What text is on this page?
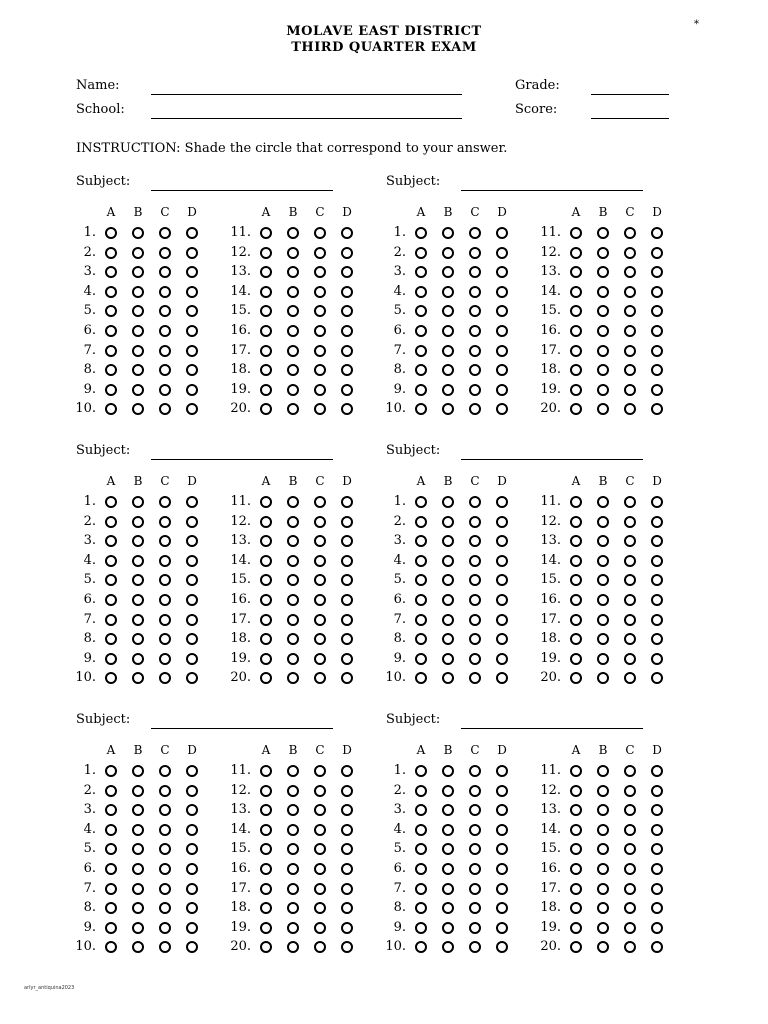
MOLAVE EAST DISTRICT
THIRD QUARTER EXAM
*
Name:
School:
Grade:
Score:
INSTRUCTION: Shade the circle that correspond to your answer.
Subject:
A B C D
1.
2.
3.
4.
5.
6.
7.
8.
9.
10.
A B C D
11.
12.
13.
14.
15.
16.
17.
18.
19.
20.
Subject:
A B C D
1.
2.
3.
4.
5.
6.
7.
8.
9.
10.
A B C D
11.
12.
13.
14.
15.
16.
17.
18.
19.
20.
Subject:
A B C D
1.
2.
3.
4.
5.
6.
7.
8.
9.
10.
A B C D
11.
12.
13.
14.
15.
16.
17.
18.
19.
20.
Subject:
A B C D
1.
2.
3.
4.
5.
6.
7.
8.
9.
10.
A B C D
11.
12.
13.
14.
15.
16.
17.
18.
19.
20.
Subject:
A B C D
1.
2.
3.
4.
5.
6.
7.
8.
9.
10.
A B C D
11.
12.
13.
14.
15.
16.
17.
18.
19.
20.
Subject:
A B C D
1.
2.
3.
4.
5.
6.
7.
8.
9.
10.
A B C D
11.
12.
13.
14.
15.
16.
17.
18.
19.
20.
arlyr_antiquina2023
